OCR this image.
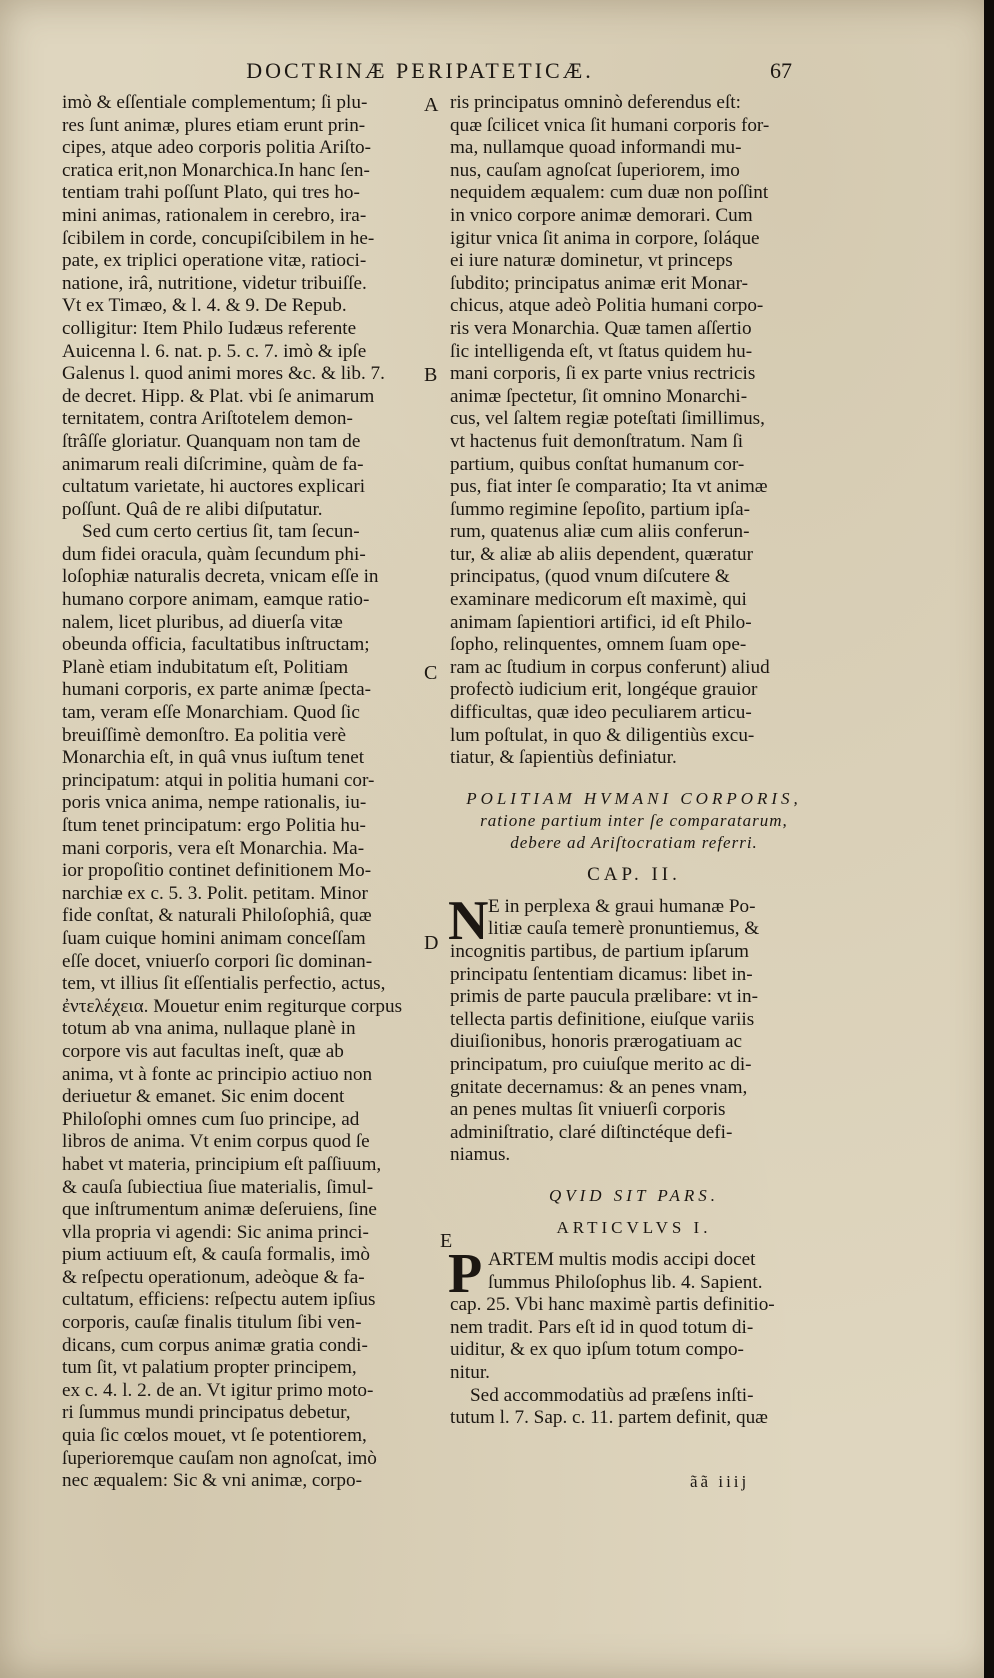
DOCTRINÆ PERIPATETICÆ.	67
A
B
C
D
E
imò & eſſentiale complementum; ſi plu-
res ſunt animæ, plures etiam erunt prin-
cipes, atque adeo corporis politia Ariſto-
cratica erit,non Monarchica.In hanc ſen-
tentiam trahi poſſunt Plato, qui tres ho-
mini animas, rationalem in cerebro, ira-
ſcibilem in corde, concupiſcibilem in he-
pate, ex triplici operatione vitæ, ratioci-
natione, irâ, nutritione, videtur tribuiſſe.
Vt ex Timæo, & l. 4. & 9. De Repub.
colligitur: Item Philo Iudæus referente
Auicenna l. 6. nat. p. 5. c. 7. imò & ipſe
Galenus l. quod animi mores &c. & lib. 7.
de decret. Hipp. & Plat. vbi ſe animarum
ternitatem, contra Ariſtotelem demon-
ſtrâſſe gloriatur. Quanquam non tam de
animarum reali diſcrimine, quàm de fa-
cultatum varietate, hi auctores explicari
poſſunt. Quâ de re alibi diſputatur.
Sed cum certo certius ſit, tam ſecun-
dum fidei oracula, quàm ſecundum phi-
loſophiæ naturalis decreta, vnicam eſſe in
humano corpore animam, eamque ratio-
nalem, licet pluribus, ad diuerſa vitæ
obeunda officia, facultatibus inſtructam;
Planè etiam indubitatum eſt, Politiam
humani corporis, ex parte animæ ſpecta-
tam, veram eſſe Monarchiam. Quod ſic
breuiſſimè demonſtro. Ea politia verè
Monarchia eſt, in quâ vnus iuſtum tenet
principatum: atqui in politia humani cor-
poris vnica anima, nempe rationalis, iu-
ſtum tenet principatum: ergo Politia hu-
mani corporis, vera eſt Monarchia. Ma-
ior propoſitio continet definitionem Mo-
narchiæ ex c. 5. 3. Polit. petitam. Minor
fide conſtat, & naturali Philoſophiâ, quæ
ſuam cuique homini animam conceſſam
eſſe docet, vniuerſo corpori ſic dominan-
tem, vt illius ſit eſſentialis perfectio, actus,
ἐντελέχεια. Mouetur enim regiturque corpus
totum ab vna anima, nullaque planè in
corpore vis aut facultas ineſt, quæ ab
anima, vt à fonte ac principio actiuo non
deriuetur & emanet. Sic enim docent
Philoſophi omnes cum ſuo principe, ad
libros de anima. Vt enim corpus quod ſe
habet vt materia, principium eſt paſſiuum,
& cauſa ſubiectiua ſiue materialis, ſimul-
que inſtrumentum animæ deſeruiens, ſine
vlla propria vi agendi: Sic anima princi-
pium actiuum eſt, & cauſa formalis, imò
& reſpectu operationum, adeòque & fa-
cultatum, efficiens: reſpectu autem ipſius
corporis, cauſæ finalis titulum ſibi ven-
dicans, cum corpus animæ gratia condi-
tum ſit, vt palatium propter principem,
ex c. 4. l. 2. de an. Vt igitur primo moto-
ri ſummus mundi principatus debetur,
quia ſic cœlos mouet, vt ſe potentiorem,
ſuperioremque cauſam non agnoſcat, imò
nec æqualem: Sic & vni animæ, corpo-
ris principatus omninò deferendus eſt:
quæ ſcilicet vnica ſit humani corporis for-
ma, nullamque quoad informandi mu-
nus, cauſam agnoſcat ſuperiorem, imo
nequidem æqualem: cum duæ non poſſint
in vnico corpore animæ demorari. Cum
igitur vnica ſit anima in corpore, ſoláque
ei iure naturæ dominetur, vt princeps
ſubdito; principatus animæ erit Monar-
chicus, atque adeò Politia humani corpo-
ris vera Monarchia. Quæ tamen aſſertio
ſic intelligenda eſt, vt ſtatus quidem hu-
mani corporis, ſi ex parte vnius rectricis
animæ ſpectetur, ſit omnino Monarchi-
cus, vel ſaltem regiæ poteſtati ſimillimus,
vt hactenus fuit demonſtratum. Nam ſi
partium, quibus conſtat humanum cor-
pus, fiat inter ſe comparatio; Ita vt animæ
ſummo regimine ſepoſito, partium ipſa-
rum, quatenus aliæ cum aliis conferun-
tur, & aliæ ab aliis dependent, quæratur
principatus, (quod vnum diſcutere &
examinare medicorum eſt maximè, qui
animam ſapientiori artifici, id eſt Philo-
ſopho, relinquentes, omnem ſuam ope-
ram ac ſtudium in corpus conferunt) aliud
profectò iudicium erit, longéque grauior
difficultas, quæ ideo peculiarem articu-
lum poſtulat, in quo & diligentiùs excu-
tiatur, & ſapientiùs definiatur.
POLITIAM HVMANI CORPORIS,
ratione partium inter ſe comparatarum,
debere ad Ariſtocratiam referri.
CAP. II.
N E in perplexa & graui humanæ Po-
litiæ cauſa temerè pronuntiemus, &
incognitis partibus, de partium ipſarum
principatu ſententiam dicamus: libet in-
primis de parte paucula prælibare: vt in-
tellecta partis definitione, eiuſque variis
diuiſionibus, honoris prærogatiuam ac
principatum, pro cuiuſque merito ac di-
gnitate decernamus: & an penes vnam,
an penes multas ſit vniuerſi corporis
adminiſtratio, claré diſtinctéque defi-
niamus.
QVID SIT PARS.
ARTICVLVS I.
P ARTEM multis modis accipi docet
ſummus Philoſophus lib. 4. Sapient.
cap. 25. Vbi hanc maximè partis definitio-
nem tradit. Pars eſt id in quod totum di-
uiditur, & ex quo ipſum totum compo-
nitur.
Sed accommodatiùs ad præſens inſti-
tutum l. 7. Sap. c. 11. partem definit, quæ
ãã iiij
